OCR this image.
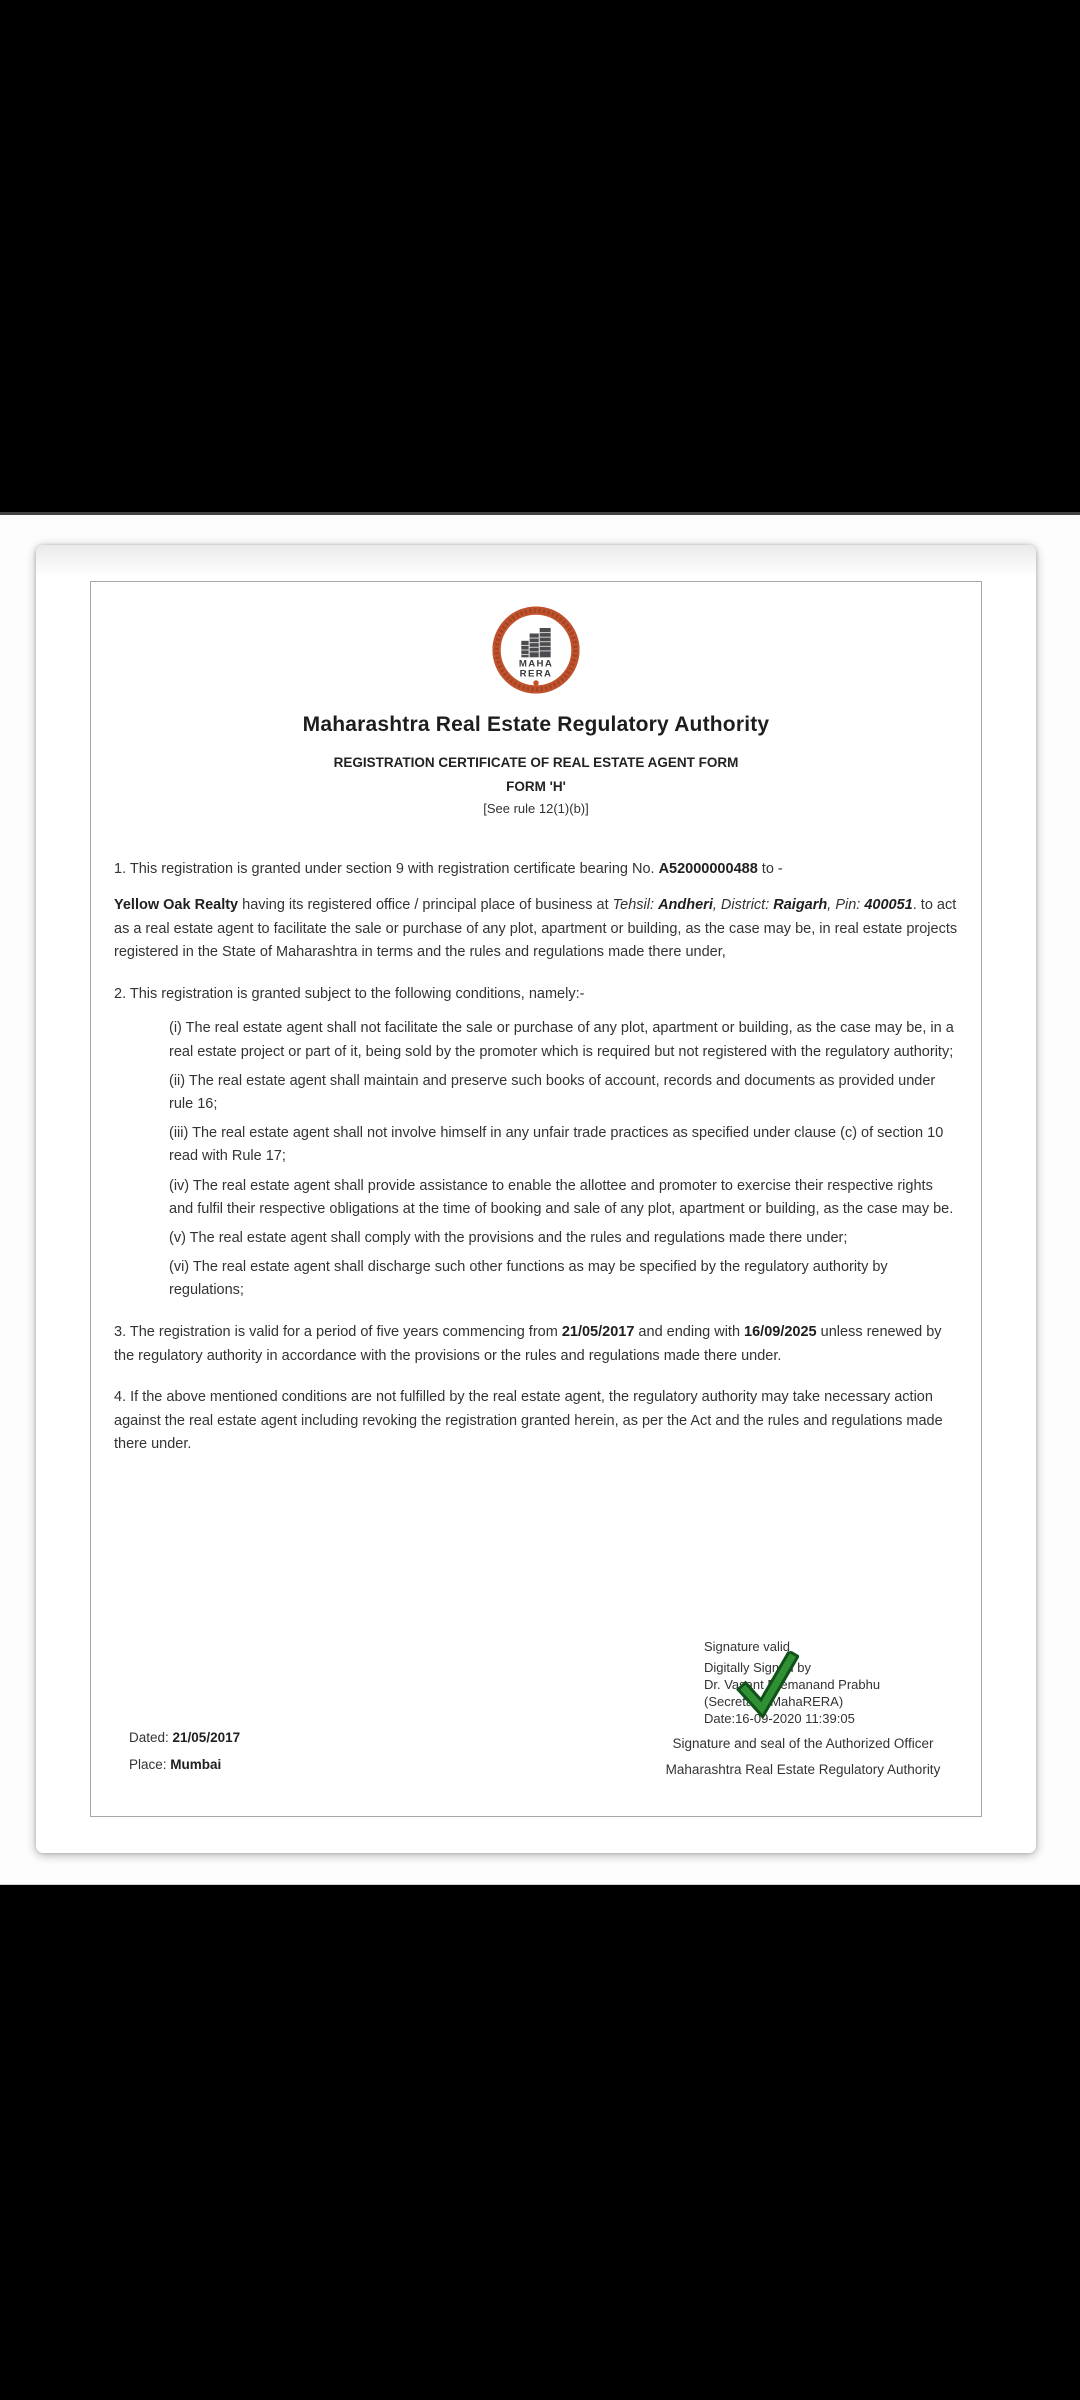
MAHA
RERA
Maharashtra Real Estate Regulatory Authority
REGISTRATION CERTIFICATE OF REAL ESTATE AGENT FORM
FORM 'H'
[See rule 12(1)(b)]

1. This registration is granted under section 9 with registration certificate bearing No. A52000000488 to -

Yellow Oak Realty having its registered office / principal place of business at Tehsil: Andheri, District: Raigarh, Pin: 400051. to act as a real estate agent to facilitate the sale or purchase of any plot, apartment or building, as the case may be, in real estate projects registered in the State of Maharashtra in terms and the rules and regulations made there under,

2. This registration is granted subject to the following conditions, namely:-

(i) The real estate agent shall not facilitate the sale or purchase of any plot, apartment or building, as the case may be, in a real estate project or part of it, being sold by the promoter which is required but not registered with the regulatory authority;

(ii) The real estate agent shall maintain and preserve such books of account, records and documents as provided under rule 16;

(iii) The real estate agent shall not involve himself in any unfair trade practices as specified under clause (c) of section 10 read with Rule 17;

(iv) The real estate agent shall provide assistance to enable the allottee and promoter to exercise their respective rights and fulfil their respective obligations at the time of booking and sale of any plot, apartment or building, as the case may be.

(v) The real estate agent shall comply with the provisions and the rules and regulations made there under;

(vi) The real estate agent shall discharge such other functions as may be specified by the regulatory authority by regulations;

3. The registration is valid for a period of five years commencing from 21/05/2017 and ending with 16/09/2025 unless renewed by the regulatory authority in accordance with the provisions or the rules and regulations made there under.

4. If the above mentioned conditions are not fulfilled by the real estate agent, the regulatory authority may take necessary action against the real estate agent including revoking the registration granted herein, as per the Act and the rules and regulations made there under.

Signature valid
Digitally Signed by
Dr. Vasant Premanand Prabhu
(Secretary, MahaRERA)
Date:16-09-2020 11:39:05
Signature and seal of the Authorized Officer
Maharashtra Real Estate Regulatory Authority
Dated: 21/05/2017
Place: Mumbai
